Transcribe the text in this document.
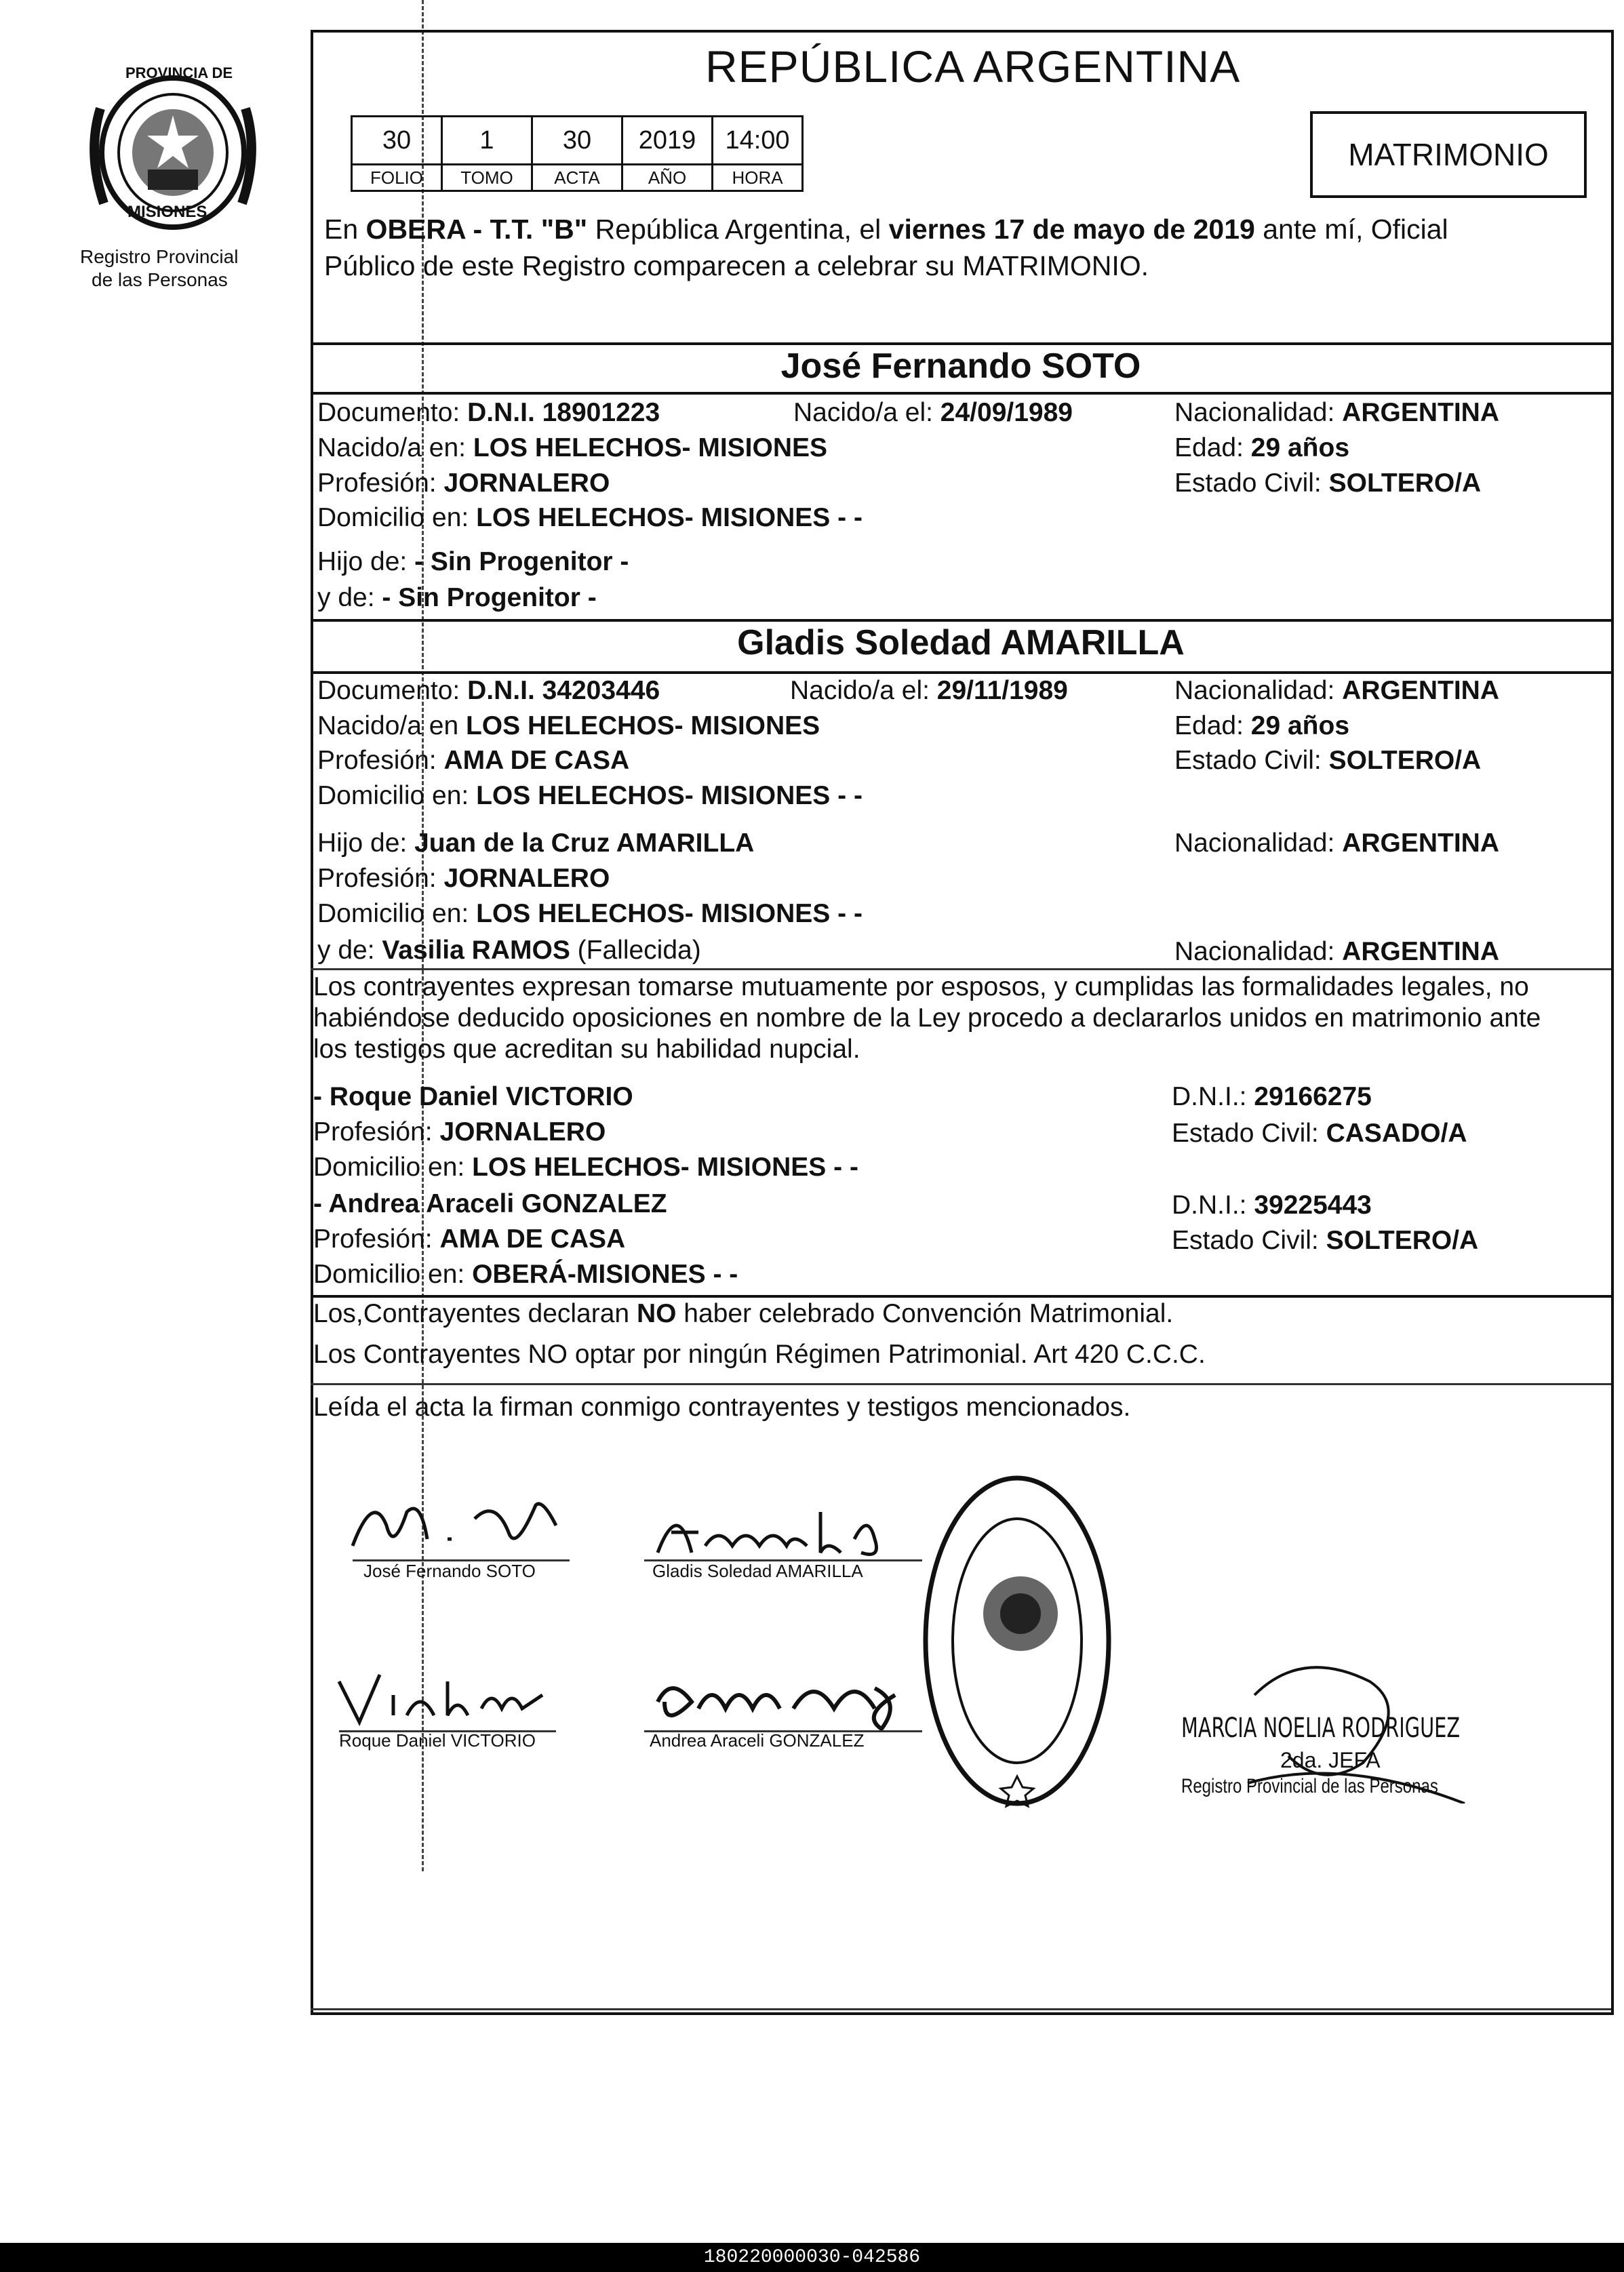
PROVINCIA DE
MISIONES
Registro Provincial
de las Personas
REPÚBLICA ARGENTINA
30	1	30	2019	14:00
FOLIO	TOMO	ACTA	AÑO	HORA
MATRIMONIO
En OBERA - T.T. "B" República Argentina, el viernes 17 de mayo de 2019 ante mí, Oficial
Público de este Registro comparecen a celebrar su MATRIMONIO.
José Fernando SOTO
Documento: D.N.I. 18901223	Nacido/a el: 24/09/1989	Nacionalidad: ARGENTINA
Nacido/a en: LOS HELECHOS- MISIONES	Edad: 29 años
Profesión: JORNALERO	Estado Civil: SOLTERO/A
Domicilio en: LOS HELECHOS- MISIONES - -
Hijo de: - Sin Progenitor -
y de: - Sin Progenitor -
Gladis Soledad AMARILLA
Documento: D.N.I. 34203446	Nacido/a el: 29/11/1989	Nacionalidad: ARGENTINA
Nacido/a en LOS HELECHOS- MISIONES	Edad: 29 años
Profesión: AMA DE CASA	Estado Civil: SOLTERO/A
Domicilio en: LOS HELECHOS- MISIONES - -
Hijo de: Juan de la Cruz AMARILLA	Nacionalidad: ARGENTINA
Profesión: JORNALERO
Domicilio en: LOS HELECHOS- MISIONES - -
y de: Vasilia RAMOS (Fallecida)	Nacionalidad: ARGENTINA
Los contrayentes expresan tomarse mutuamente por esposos, y cumplidas las formalidades legales, no
habiéndose deducido oposiciones en nombre de la Ley procedo a declararlos unidos en matrimonio ante
los testigos que acreditan su habilidad nupcial.
- Roque Daniel VICTORIO	D.N.I.: 29166275
Profesión: JORNALERO	Estado Civil: CASADO/A
Domicilio en: LOS HELECHOS- MISIONES - -
- Andrea Araceli GONZALEZ	D.N.I.: 39225443
Profesión: AMA DE CASA	Estado Civil: SOLTERO/A
Domicilio en: OBERÁ-MISIONES - -
Los,Contrayentes declaran NO haber celebrado Convención Matrimonial.
Los Contrayentes NO optar por ningún Régimen Patrimonial. Art 420 C.C.C.
Leída el acta la firman conmigo contrayentes y testigos mencionados.
José Fernando SOTO	Gladis Soledad AMARILLA
Roque Daniel VICTORIO	Andrea Araceli GONZALEZ	MARCIA NOELIA RODRIGUEZ
2da. JEFA
Registro Provincial de las Personas
180220000030-042586
